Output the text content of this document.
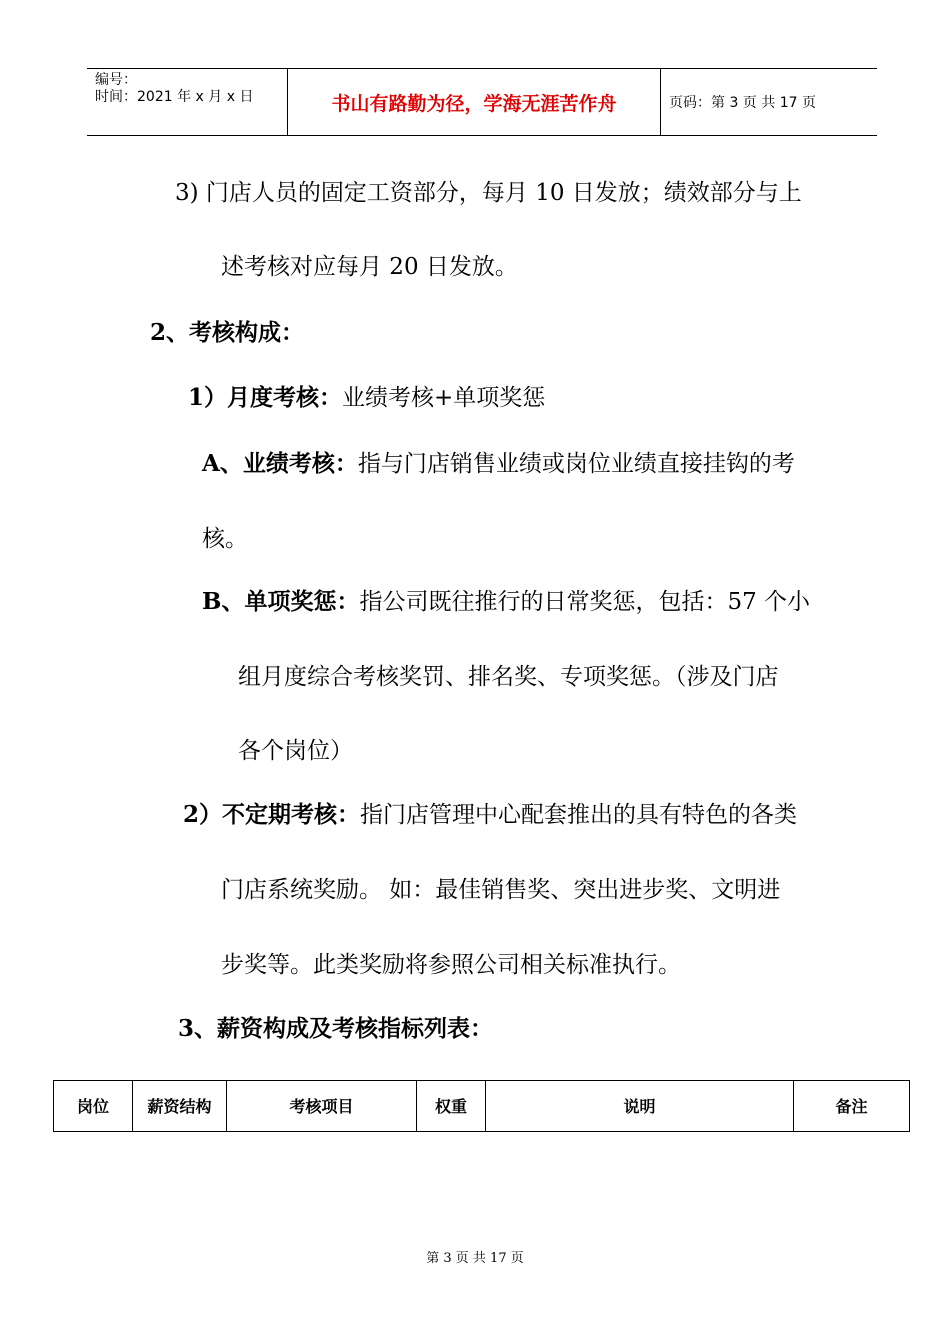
编号：
时间：2021 年 x 月 x 日	书山有路勤为径，学海无涯苦作舟	页码：第 3 页 共 17 页
3) 门店人员的固定工资部分，每月 10 日发放；绩效部分与上
述考核对应每月 20 日发放。
2、考核构成：
1）月度考核：业绩考核+单项奖惩
A、业绩考核：指与门店销售业绩或岗位业绩直接挂钩的考
核。
B、单项奖惩：指公司既往推行的日常奖惩，包括：57 个小
组月度综合考核奖罚、排名奖、专项奖惩。（涉及门店
各个岗位）
2）不定期考核：指门店管理中心配套推出的具有特色的各类
门店系统奖励。 如：最佳销售奖、突出进步奖、文明进
步奖等。此类奖励将参照公司相关标准执行。
3、薪资构成及考核指标列表：
岗位	薪资结构	考核项目	权重	说明	备注
第 3 页 共 17 页
